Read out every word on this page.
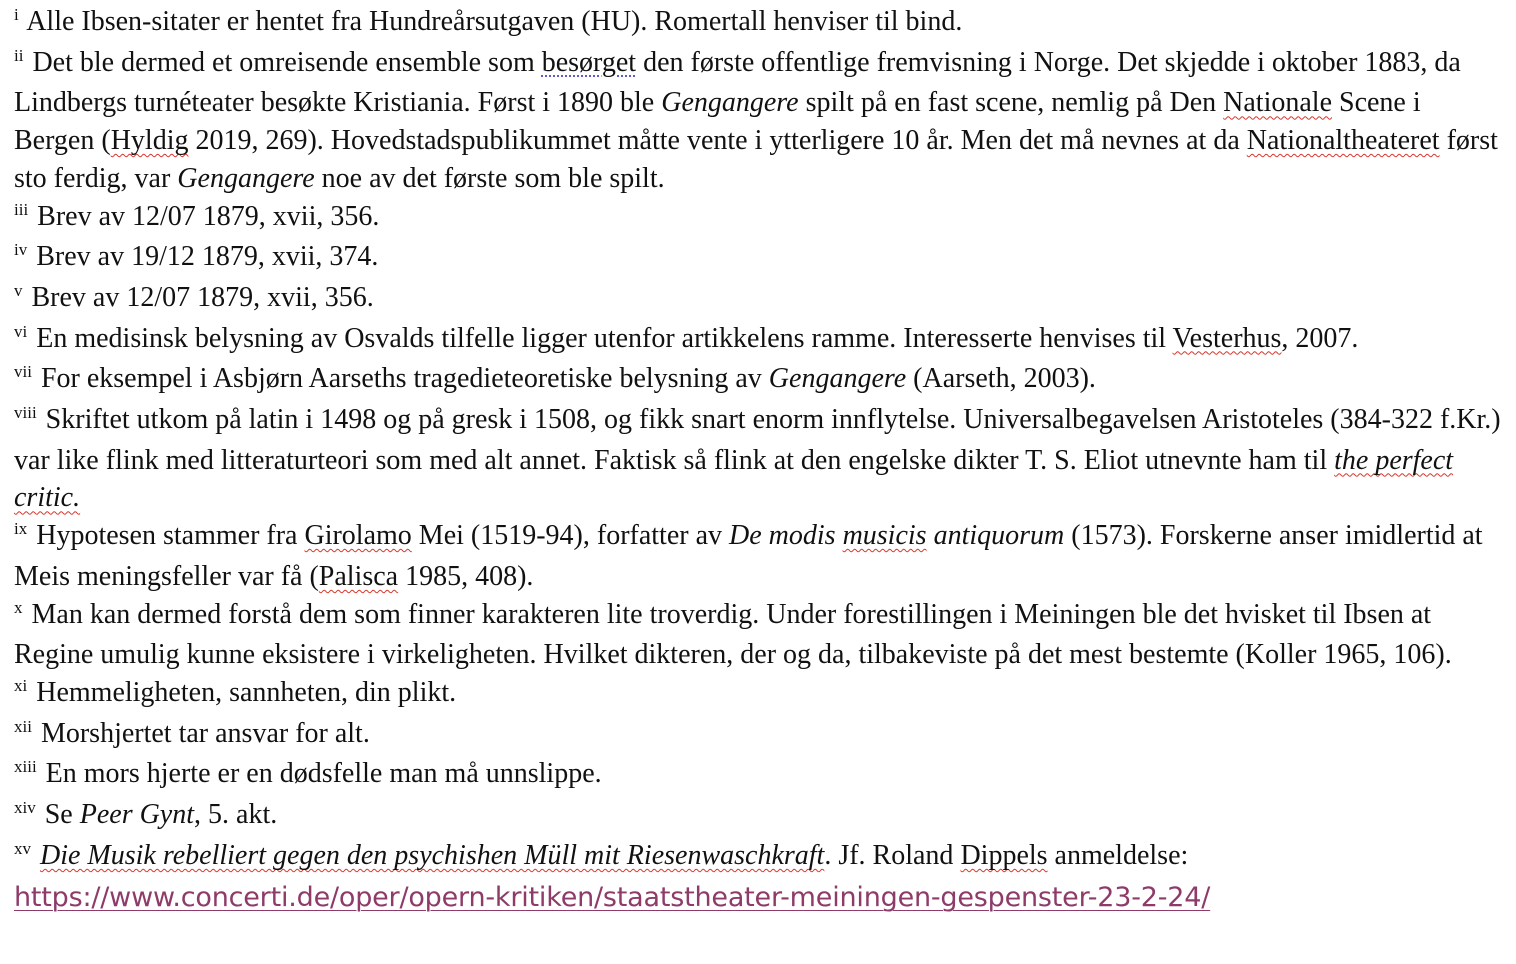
$^i$ Alle Ibsen-sitater er hentet fra Hundreårsutgaven (HU). Romertall henviser til bind.

$^{ii}$ Det ble dermed et omreisende ensemble som besørget den første offentlige fremvisning i Norge. Det skjedde i oktober 1883, da Lindbergs turnéteater besøkte Kristiania. Først i 1890 ble Gengangere spilt på en fast scene, nemlig på Den Nationale Scene i Bergen (Hyldig 2019, 269). Hovedstadspublikummet måtte vente i ytterligere 10 år. Men det må nevnes at da Nationaltheateret først sto ferdig, var Gengangere noe av det første som ble spilt.

$^{iii}$ Brev av 12/07 1879, xvii, 356.

$^{iv}$ Brev av 19/12 1879, xvii, 374.

$^v$ Brev av 12/07 1879, xvii, 356.

$^{vi}$ En medisinsk belysning av Osvalds tilfelle ligger utenfor artikkelens ramme. Interesserte henvises til Vesterhus, 2007.

$^{vii}$ For eksempel i Asbjørn Aarseths tragedieteoretiske belysning av Gengangere (Aarseth, 2003).

$^{viii}$ Skriftet utkom på latin i 1498 og på gresk i 1508, og fikk snart enorm innflytelse. Universalbegavelsen Aristoteles (384-322 f.Kr.) var like flink med litteraturteori som med alt annet. Faktisk så flink at den engelske dikter T. S. Eliot utnevnte ham til the perfect critic.

$^{ix}$ Hypotesen stammer fra Girolamo Mei (1519-94), forfatter av De modis musicis antiquorum (1573). Forskerne anser imidlertid at Meis meningsfeller var få (Palisca 1985, 408).

$^x$ Man kan dermed forstå dem som finner karakteren lite troverdig. Under forestillingen i Meiningen ble det hvisket til Ibsen at Regine umulig kunne eksistere i virkeligheten. Hvilket dikteren, der og da, tilbakeviste på det mest bestemte (Koller 1965, 106).

$^{xi}$ Hemmeligheten, sannheten, din plikt.

$^{xii}$ Morshjertet tar ansvar for alt.

$^{xiii}$ En mors hjerte er en dødsfelle man må unnslippe.

$^{xiv}$ Se Peer Gynt, 5. akt.

$^{xv}$ Die Musik rebelliert gegen den psychishen Müll mit Riesenwaschkraft. Jf. Roland Dippels anmeldelse:

https://www.concerti.de/oper/opern-kritiken/staatstheater-meiningen-gespenster-23-2-24/
